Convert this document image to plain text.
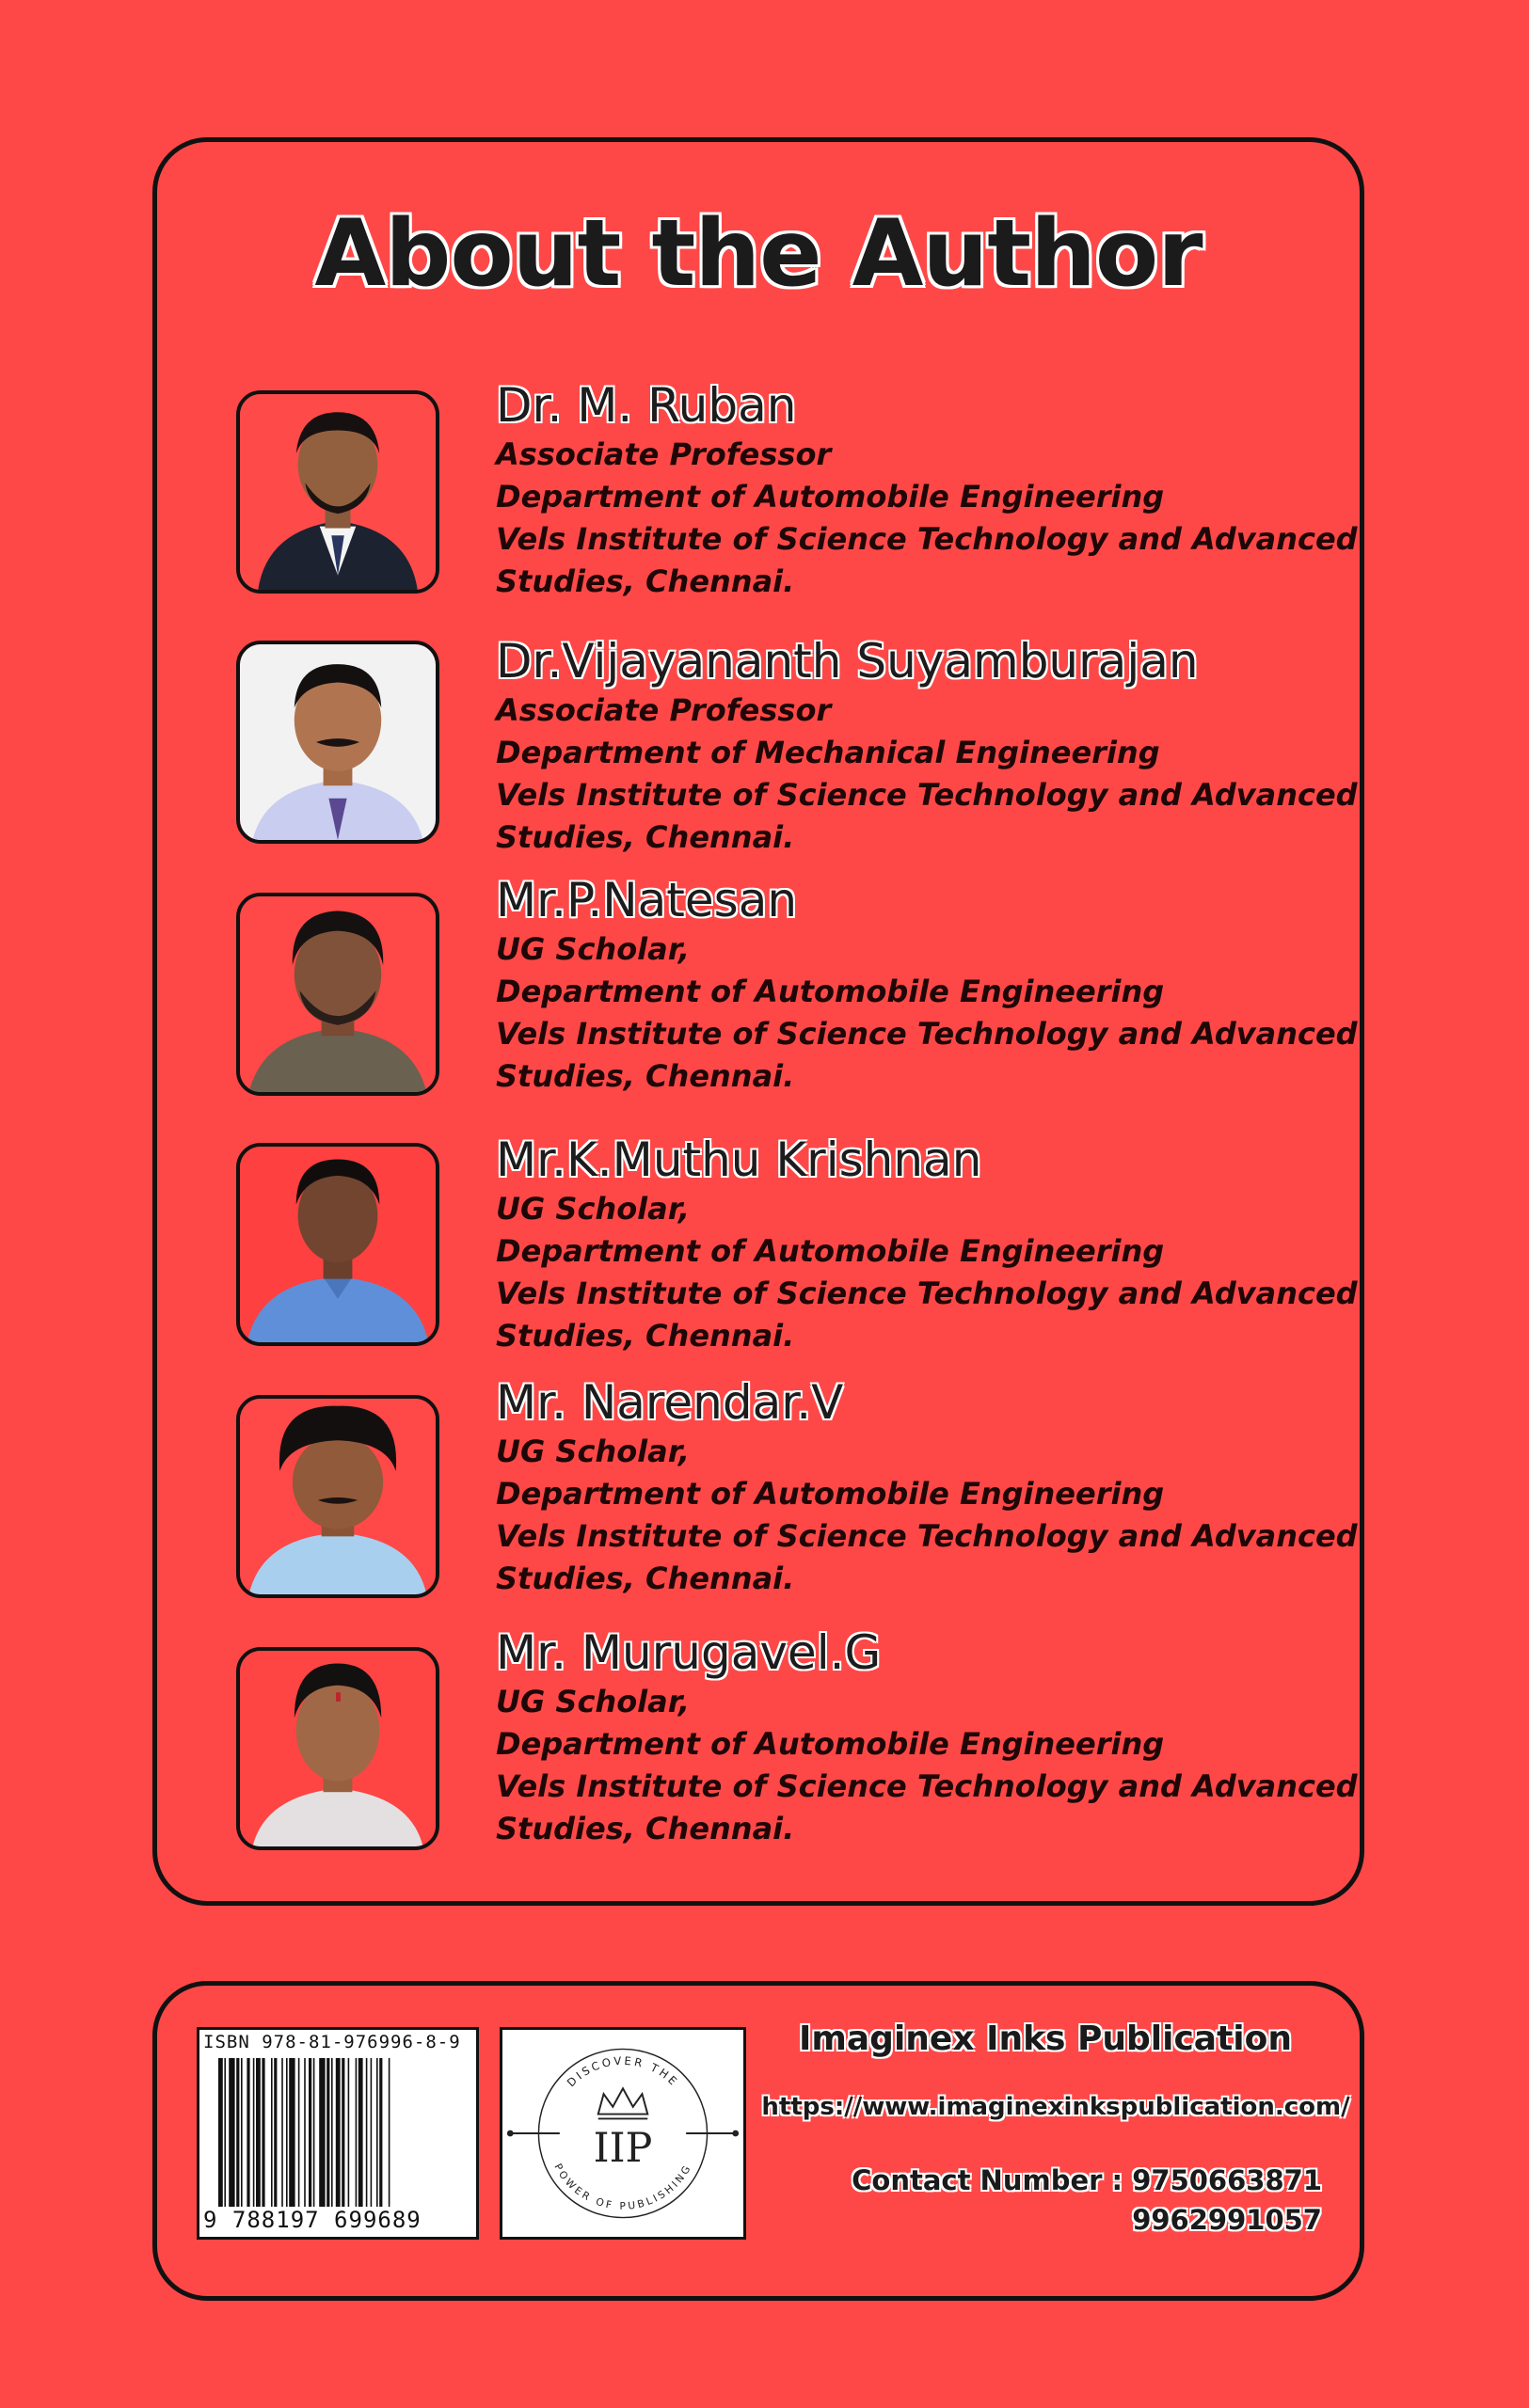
About the Author
Dr. M. Ruban
Associate Professor
Department of Automobile Engineering
Vels Institute of Science Technology and Advanced
Studies, Chennai.
Dr.Vijayananth Suyamburajan
Associate Professor
Department of Mechanical Engineering
Vels Institute of Science Technology and Advanced
Studies, Chennai.
Mr.P.Natesan
UG Scholar,
Department of Automobile Engineering
Vels Institute of Science Technology and Advanced
Studies, Chennai.
Mr.K.Muthu Krishnan
UG Scholar,
Department of Automobile Engineering
Vels Institute of Science Technology and Advanced
Studies, Chennai.
Mr. Narendar.V
UG Scholar,
Department of Automobile Engineering
Vels Institute of Science Technology and Advanced
Studies, Chennai.
Mr. Murugavel.G
UG Scholar,
Department of Automobile Engineering
Vels Institute of Science Technology and Advanced
Studies, Chennai.
ISBN 978-81-976996-8-9
9 788197 699689
DISCOVER THE
POWER OF PUBLISHING
IIP
Imaginex Inks Publication
https://www.imaginexinkspublication.com/
Contact Number : 9750663871
9962991057
